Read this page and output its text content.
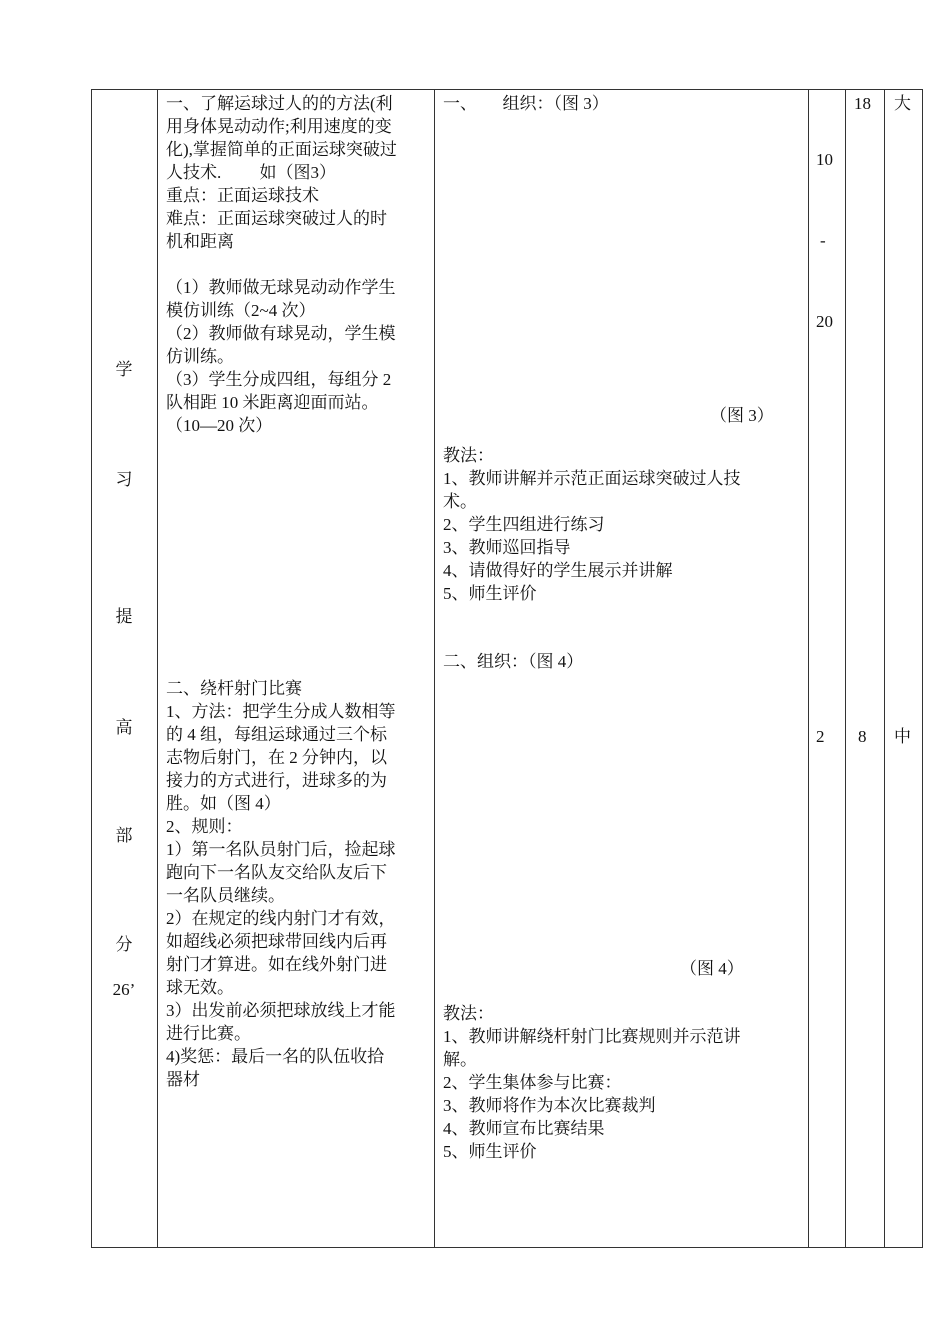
学
习
提
高
部
分
26’
一、了解运球过人的的方法(利
用身体晃动动作;利用速度的变
化),掌握简单的正面运球突破过
人技术.         如（图3）
重点：正面运球技术
难点：正面运球突破过人的时
机和距离
（1）教师做无球晃动动作学生
模仿训练（2~4 次）
（2）教师做有球晃动，学生模
仿训练。
（3）学生分成四组，每组分 2
队相距 10 米距离迎面而站。
（10—20 次）
二、绕杆射门比赛
1、方法：把学生分成人数相等
的 4 组，每组运球通过三个标
志物后射门，在 2 分钟内，以
接力的方式进行，进球多的为
胜。如（图 4）
2、规则：
1）第一名队员射门后，捡起球
跑向下一名队友交给队友后下
一名队员继续。
2）在规定的线内射门才有效，
如超线必须把球带回线内后再
射门才算进。如在线外射门进
球无效。
3）出发前必须把球放线上才能
进行比赛。
4)奖惩：最后一名的队伍收拾
器材
一、      组织：（图 3）
（图 3）
教法：
1、教师讲解并示范正面运球突破过人技
术。
2、学生四组进行练习
3、教师巡回指导
4、请做得好的学生展示并讲解
5、师生评价
二、组织：（图 4）
（图 4）
教法：
1、教师讲解绕杆射门比赛规则并示范讲
解。
2、学生集体参与比赛：
3、教师将作为本次比赛裁判
4、教师宣布比赛结果
5、师生评价

10

-

20

2
18
8
大
中
